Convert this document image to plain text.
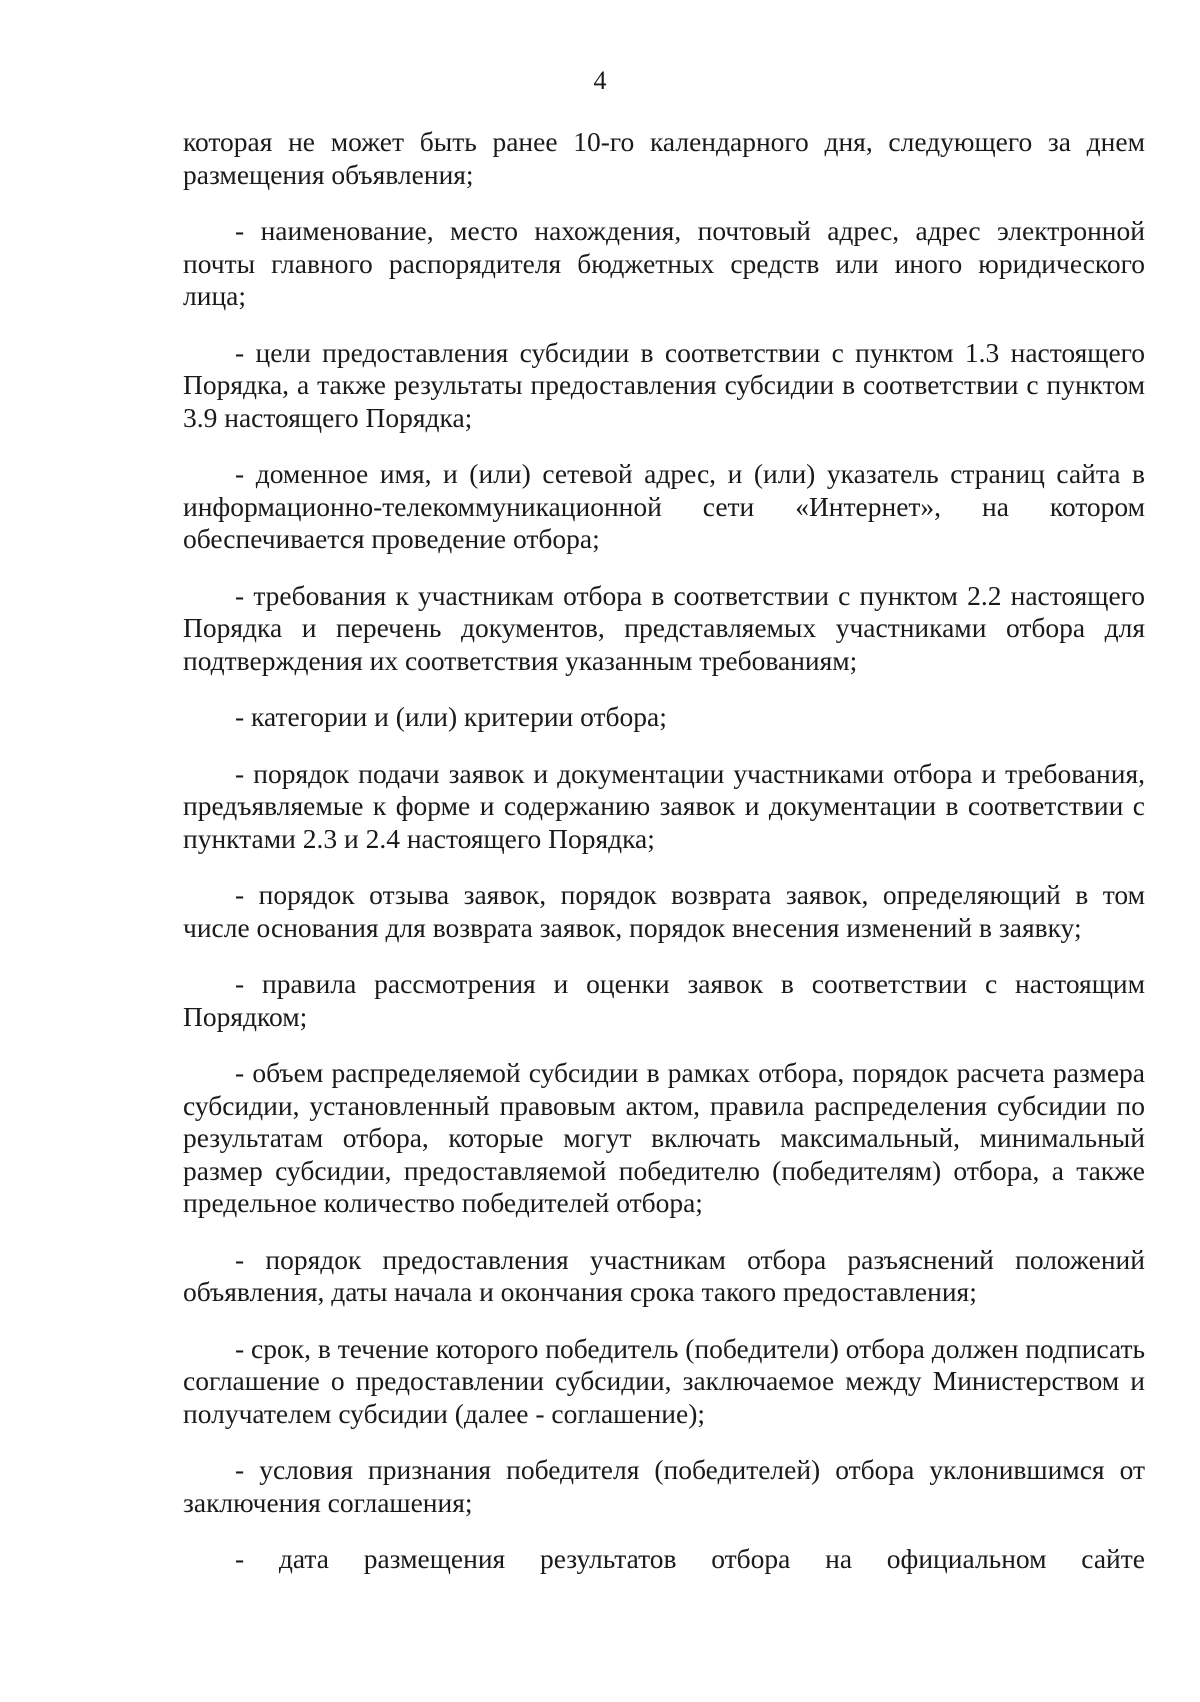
4

которая не может быть ранее 10-го календарного дня, следующего за днем размещения объявления;

- наименование, место нахождения, почтовый адрес, адрес электронной почты главного распорядителя бюджетных средств или иного юридического лица;

- цели предоставления субсидии в соответствии с пунктом 1.3 настоящего Порядка, а также результаты предоставления субсидии в соответствии с пунктом 3.9 настоящего Порядка;

- доменное имя, и (или) сетевой адрес, и (или) указатель страниц сайта в информационно-телекоммуникационной сети «Интернет», на котором обеспечивается проведение отбора;

- требования к участникам отбора в соответствии с пунктом 2.2 настоящего Порядка и перечень документов, представляемых участниками отбора для подтверждения их соответствия указанным требованиям;

- категории и (или) критерии отбора;

- порядок подачи заявок и документации участниками отбора и требования, предъявляемые к форме и содержанию заявок и документации в соответствии с пунктами 2.3 и 2.4 настоящего Порядка;

- порядок отзыва заявок, порядок возврата заявок, определяющий в том числе основания для возврата заявок, порядок внесения изменений в заявку;

- правила рассмотрения и оценки заявок в соответствии с настоящим Порядком;

- объем распределяемой субсидии в рамках отбора, порядок расчета размера субсидии, установленный правовым актом, правила распределения субсидии по результатам отбора, которые могут включать максимальный, минимальный размер субсидии, предоставляемой победителю (победителям) отбора, а также предельное количество победителей отбора;

- порядок предоставления участникам отбора разъяснений положений объявления, даты начала и окончания срока такого предоставления;

- срок, в течение которого победитель (победители) отбора должен подписать соглашение о предоставлении субсидии, заключаемое между Министерством и получателем субсидии (далее - соглашение);

- условия признания победителя (победителей) отбора уклонившимся от заключения соглашения;

- дата размещения результатов отбора на официальном сайте
